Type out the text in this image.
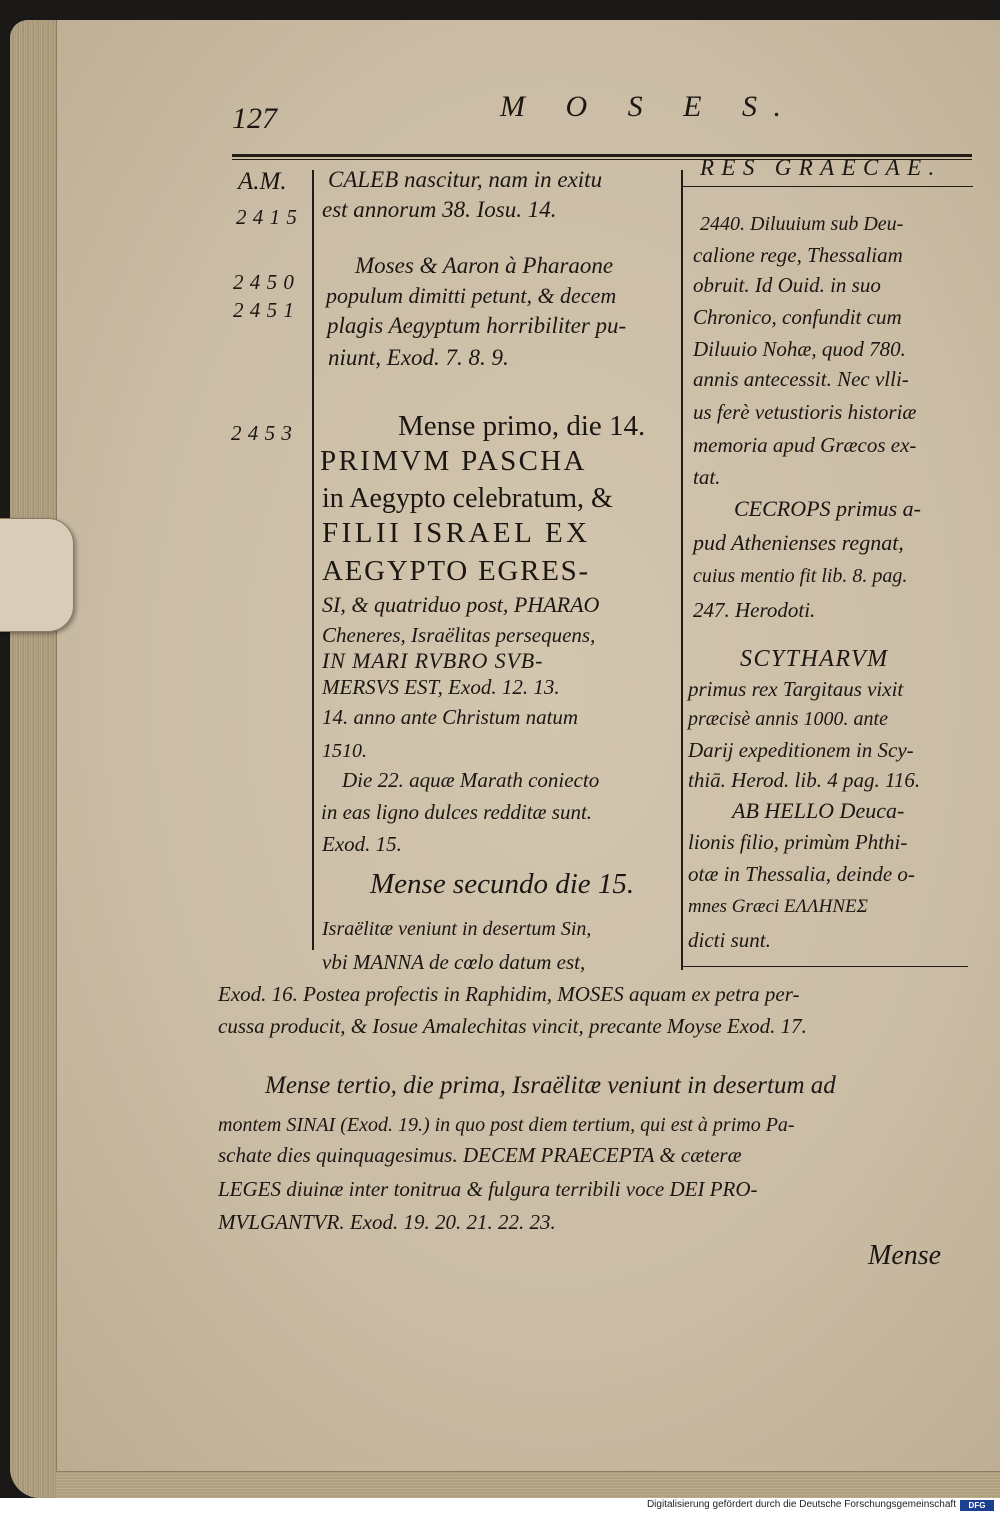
127	M O S E S.
A.M.
2415
2450
2451
2453
CALEB nascitur, nam in exitu
est annorum 38. Iosu. 14.
Moses & Aaron à Pharaone
populum dimitti petunt, & decem
plagis Aegyptum horribiliter pu-
niunt, Exod. 7. 8. 9.
Mense primo, die 14.
PRIMVM PASCHA
in Aegypto celebratum, &
FILII ISRAEL EX
AEGYPTO EGRES-
SI, & quatriduo post, PHARAO
Cheneres, Israëlitas persequens,
IN MARI RVBRO SVB-
MERSVS EST, Exod. 12. 13.
14. anno ante Christum natum
1510.
Die 22. aquæ Marath coniecto
in eas ligno dulces redditæ sunt.
Exod. 15.
Mense secundo die 15.
Israëlitæ veniunt in desertum Sin,
vbi MANNA de cœlo datum est,
RES GRAECAE.
2440. Diluuium sub Deu-
calione rege, Thessaliam
obruit. Id Ouid. in suo
Chronico, confundit cum
Diluuio Nohæ, quod 780.
annis antecessit. Nec vlli-
us ferè vetustioris historiæ
memoria apud Græcos ex-
tat.
CECROPS primus a-
pud Athenienses regnat,
cuius mentio fit lib. 8. pag.
247. Herodoti.
SCYTHARVM
primus rex Targitaus vixit
præcisè annis 1000. ante
Darij expeditionem in Scy-
thiā. Herod. lib. 4 pag. 116.
AB HELLO Deuca-
lionis filio, primùm Phthi-
otæ in Thessalia, deinde o-
mnes Græci ΕΛΛΗΝΕΣ
dicti sunt.
Exod. 16. Postea profectis in Raphidim, MOSES aquam ex petra per-
cussa producit, & Iosue Amalechitas vincit, precante Moyse Exod. 17.
Mense tertio, die prima, Israëlitæ veniunt in desertum ad
montem SINAI (Exod. 19.) in quo post diem tertium, qui est à primo Pa-
schate dies quinquagesimus. DECEM PRAECEPTA & cæteræ
LEGES diuinæ inter tonitrua & fulgura terribili voce DEI PRO-
MVLGANTVR. Exod. 19. 20. 21. 22. 23.
Mense
Digitalisierung gefördert durch die Deutsche Forschungsgemeinschaft	DFG
